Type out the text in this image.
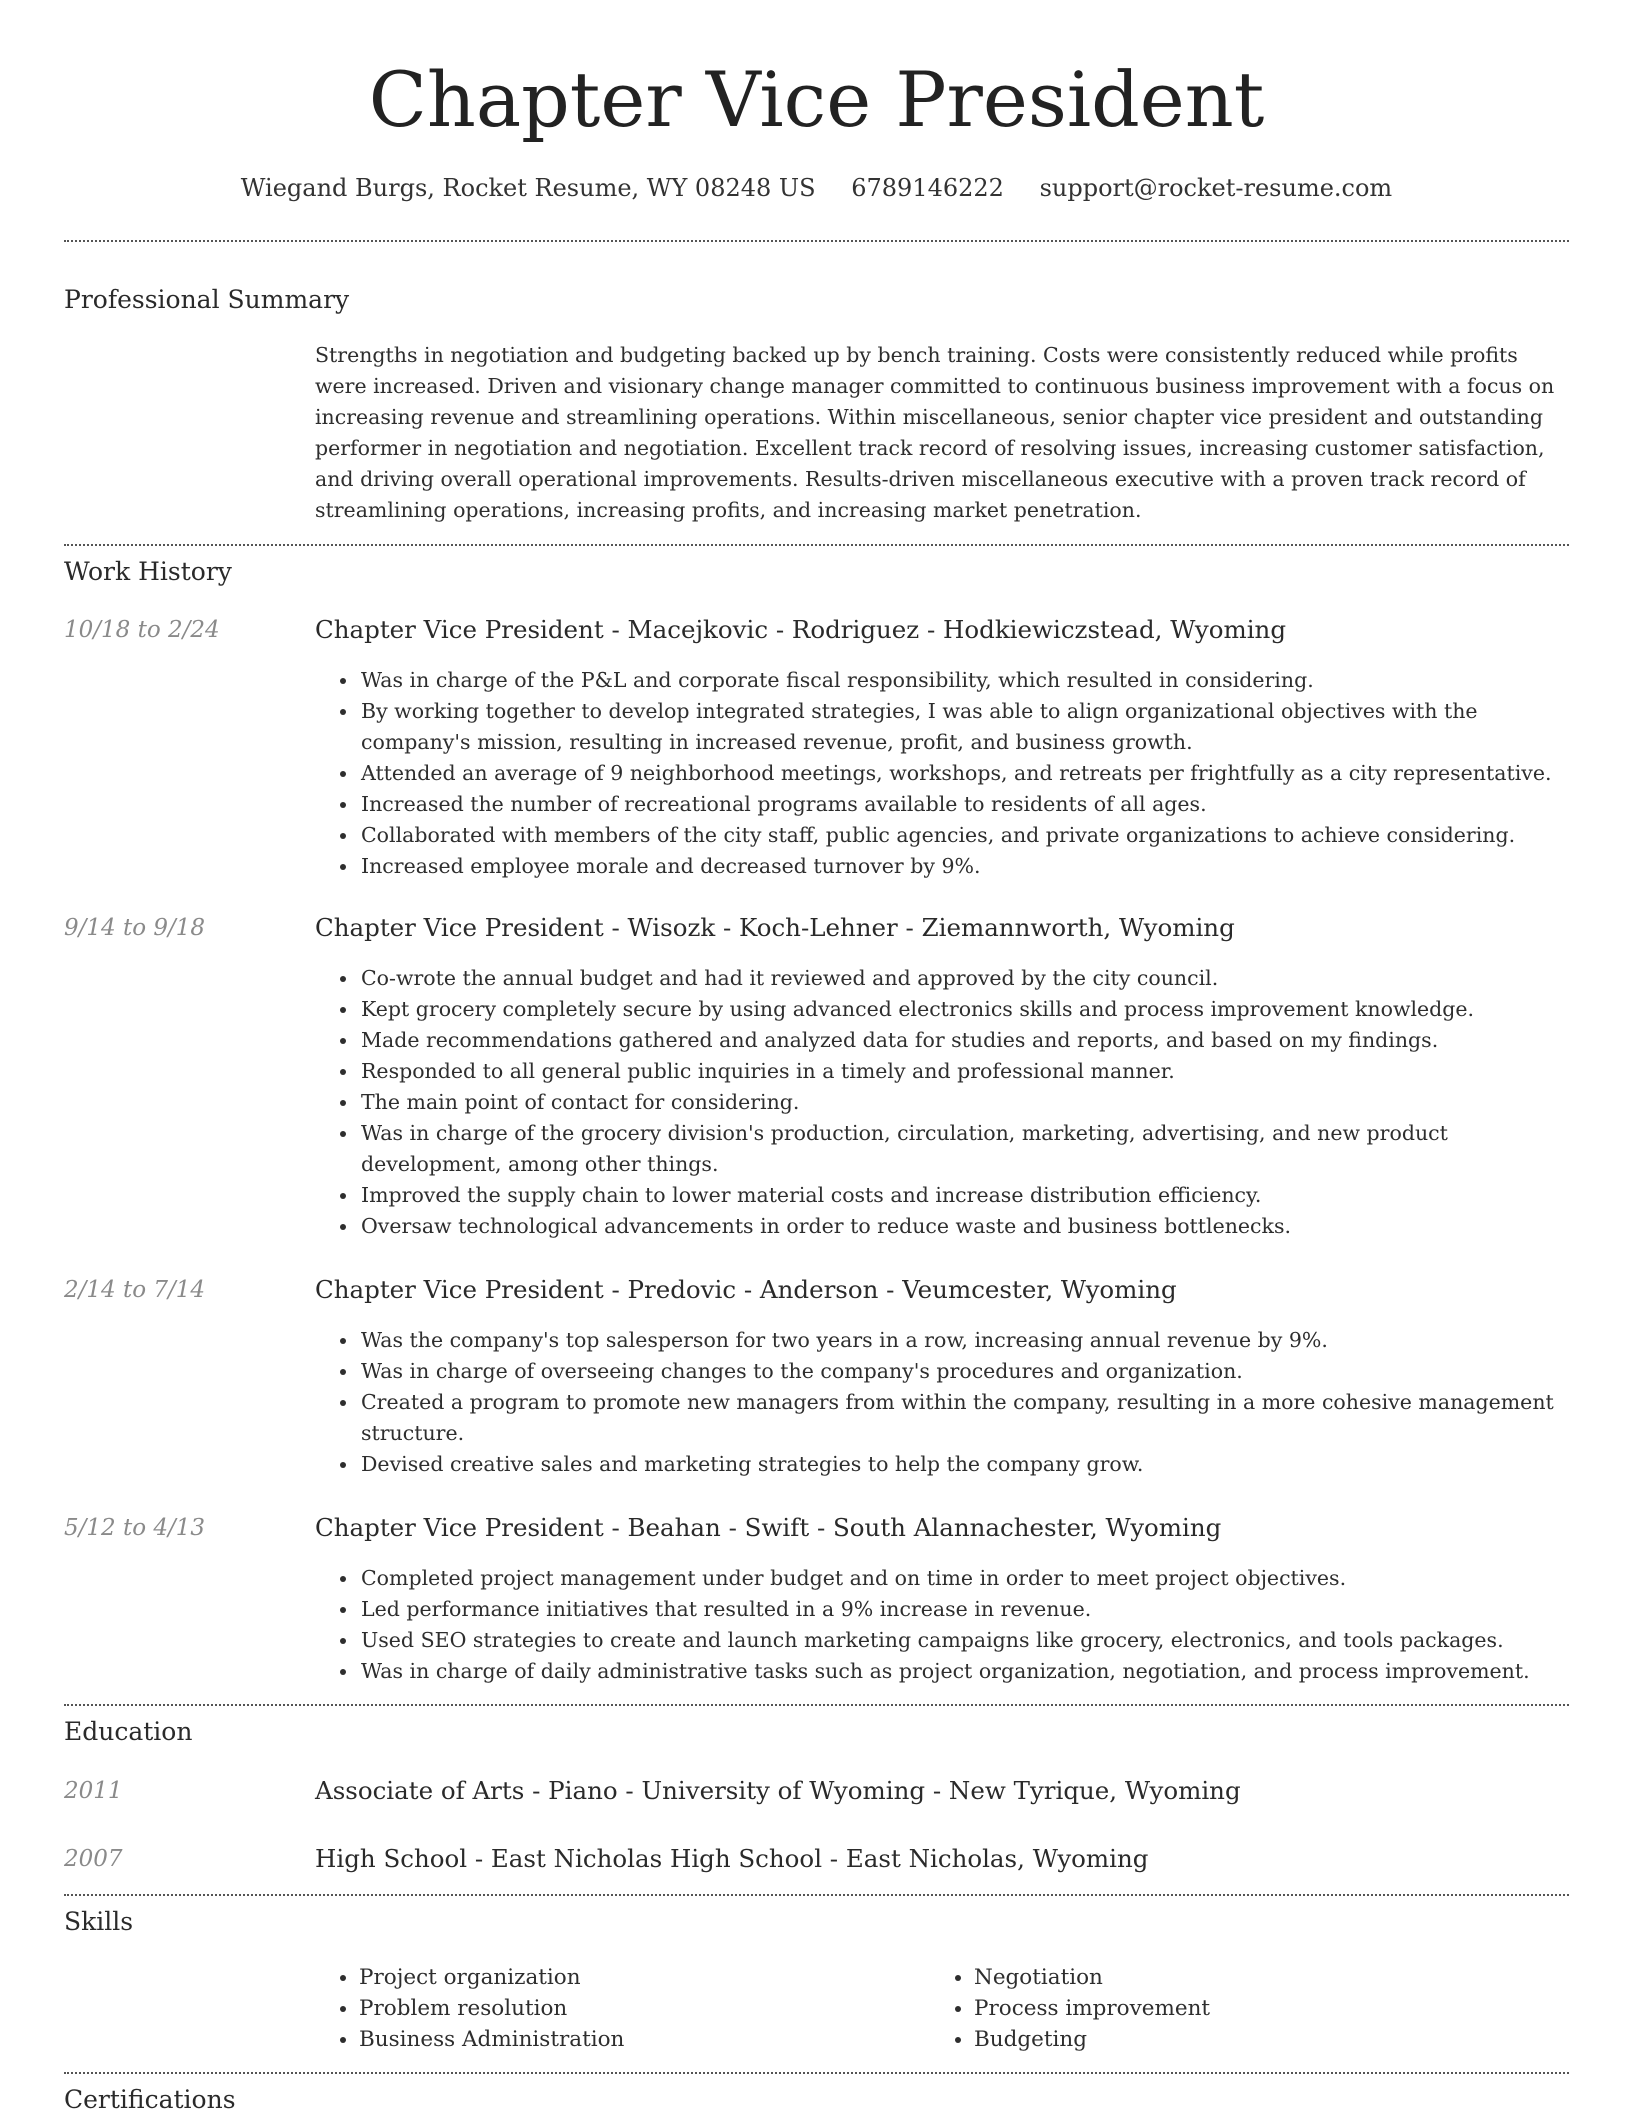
Chapter Vice President
Wiegand Burgs, Rocket Resume, WY 08248 US 6789146222 support@rocket-resume.com
Professional Summary

Strengths in negotiation and budgeting backed up by bench training. Costs were consistently reduced while profits were increased. Driven and visionary change manager committed to continuous business improvement with a focus on increasing revenue and streamlining operations. Within miscellaneous, senior chapter vice president and outstanding performer in negotiation and negotiation. Excellent track record of resolving issues, increasing customer satisfaction, and driving overall operational improvements. Results-driven miscellaneous executive with a proven track record of streamlining operations, increasing profits, and increasing market penetration.

Work History
10/18 to 2/24	Chapter Vice President - Macejkovic - Rodriguez - Hodkiewiczstead, Wyoming
• Was in charge of the P&L and corporate fiscal responsibility, which resulted in considering.
• By working together to develop integrated strategies, I was able to align organizational objectives with the company's mission, resulting in increased revenue, profit, and business growth.
• Attended an average of 9 neighborhood meetings, workshops, and retreats per frightfully as a city representative.
• Increased the number of recreational programs available to residents of all ages.
• Collaborated with members of the city staff, public agencies, and private organizations to achieve considering.
• Increased employee morale and decreased turnover by 9%.
9/14 to 9/18	Chapter Vice President - Wisozk - Koch-Lehner - Ziemannworth, Wyoming
• Co-wrote the annual budget and had it reviewed and approved by the city council.
• Kept grocery completely secure by using advanced electronics skills and process improvement knowledge.
• Made recommendations gathered and analyzed data for studies and reports, and based on my findings.
• Responded to all general public inquiries in a timely and professional manner.
• The main point of contact for considering.
• Was in charge of the grocery division's production, circulation, marketing, advertising, and new product development, among other things.
• Improved the supply chain to lower material costs and increase distribution efficiency.
• Oversaw technological advancements in order to reduce waste and business bottlenecks.
2/14 to 7/14	Chapter Vice President - Predovic - Anderson - Veumcester, Wyoming
• Was the company's top salesperson for two years in a row, increasing annual revenue by 9%.
• Was in charge of overseeing changes to the company's procedures and organization.
• Created a program to promote new managers from within the company, resulting in a more cohesive management structure.
• Devised creative sales and marketing strategies to help the company grow.
5/12 to 4/13	Chapter Vice President - Beahan - Swift - South Alannachester, Wyoming
• Completed project management under budget and on time in order to meet project objectives.
• Led performance initiatives that resulted in a 9% increase in revenue.
• Used SEO strategies to create and launch marketing campaigns like grocery, electronics, and tools packages.
• Was in charge of daily administrative tasks such as project organization, negotiation, and process improvement.
Education
2011	Associate of Arts - Piano - University of Wyoming - New Tyrique, Wyoming
2007	High School - East Nicholas High School - East Nicholas, Wyoming
Skills
• Project organization
• Problem resolution
• Business Administration
• Negotiation
• Process improvement
• Budgeting
Certifications
